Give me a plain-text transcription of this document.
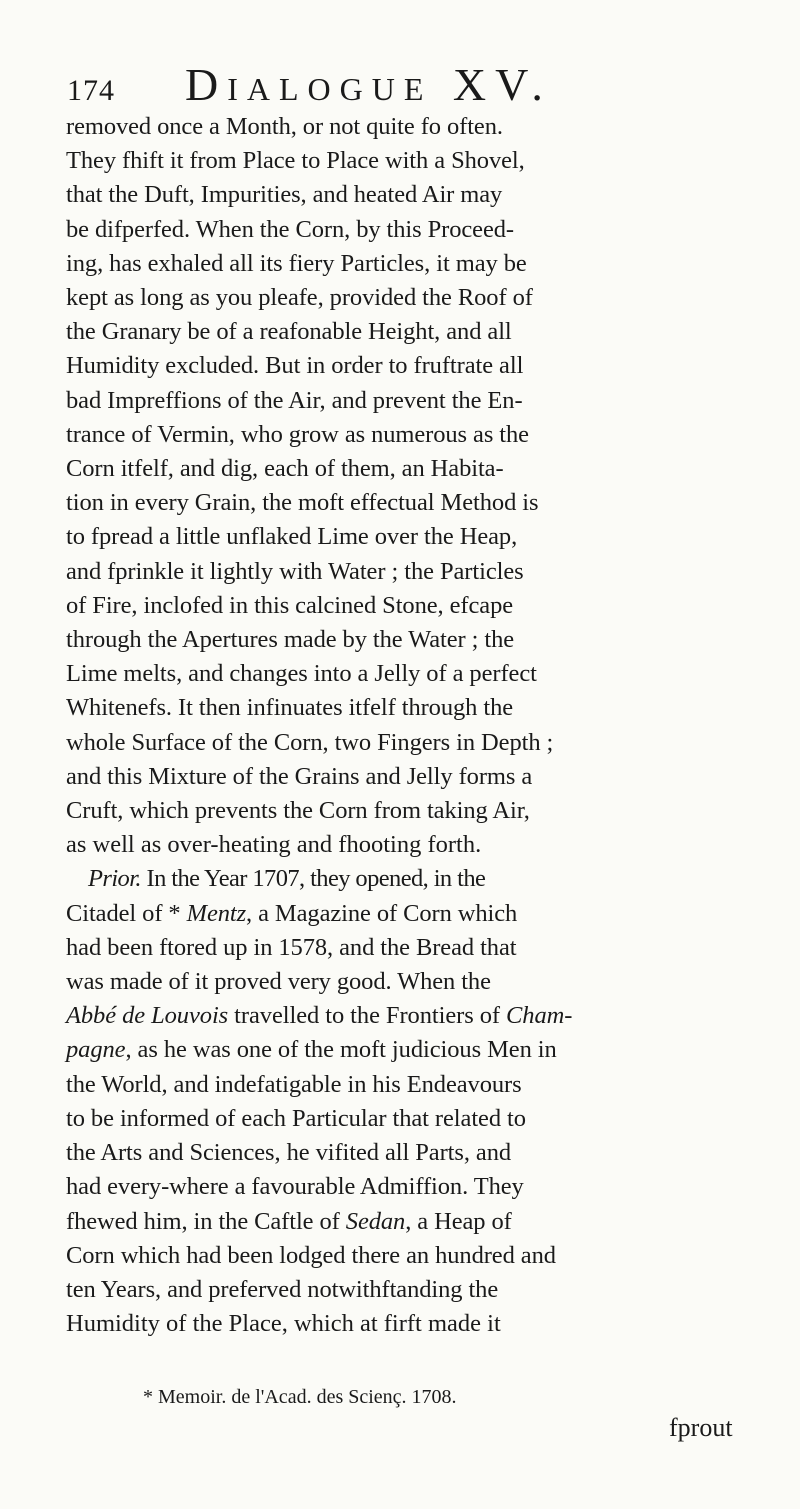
174	Dialogue XV.
removed once a Month, or not quite fo often.
They fhift it from Place to Place with a Shovel,
that the Duft, Impurities, and heated Air may
be difperfed. When the Corn, by this Proceed-
ing, has exhaled all its fiery Particles, it may be
kept as long as you pleafe, provided the Roof of
the Granary be of a reafonable Height, and all
Humidity excluded. But in order to fruftrate all
bad Impreffions of the Air, and prevent the En-
trance of Vermin, who grow as numerous as the
Corn itfelf, and dig, each of them, an Habita-
tion in every Grain, the moft effectual Method is
to fpread a little unflaked Lime over the Heap,
and fprinkle it lightly with Water ; the Particles
of Fire, inclofed in this calcined Stone, efcape
through the Apertures made by the Water ; the
Lime melts, and changes into a Jelly of a perfect
Whitenefs. It then infinuates itfelf through the
whole Surface of the Corn, two Fingers in Depth ;
and this Mixture of the Grains and Jelly forms a
Cruft, which prevents the Corn from taking Air,
as well as over-heating and fhooting forth.
Prior. In the Year 1707, they opened, in the
Citadel of * Mentz, a Magazine of Corn which
had been ftored up in 1578, and the Bread that
was made of it proved very good. When the
Abbé de Louvois travelled to the Frontiers of Cham-
pagne, as he was one of the moft judicious Men in
the World, and indefatigable in his Endeavours
to be informed of each Particular that related to
the Arts and Sciences, he vifited all Parts, and
had every-where a favourable Admiffion. They
fhewed him, in the Caftle of Sedan, a Heap of
Corn which had been lodged there an hundred and
ten Years, and preferved notwithftanding the
Humidity of the Place, which at firft made it
* Memoir. de l'Acad. des Scienç. 1708.
fprout
